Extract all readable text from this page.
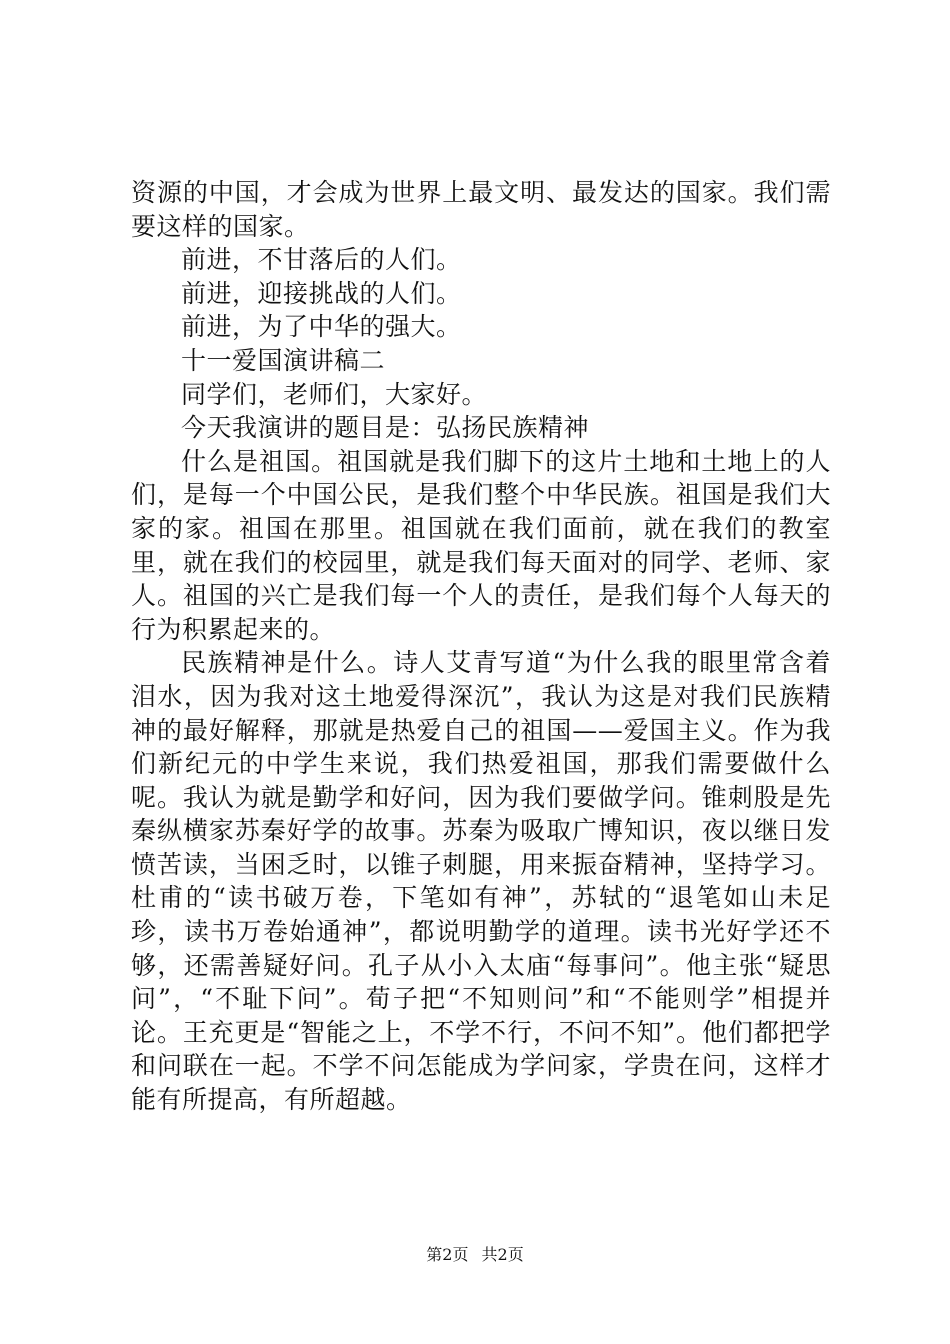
资源的中国，才会成为世界上最文明、最发达的国家。我们需要这样的国家。

前进，不甘落后的人们。

前进，迎接挑战的人们。

前进，为了中华的强大。

十一爱国演讲稿二

同学们，老师们，大家好。

今天我演讲的题目是：弘扬民族精神

什么是祖国。祖国就是我们脚下的这片土地和土地上的人们，是每一个中国公民，是我们整个中华民族。祖国是我们大家的家。祖国在那里。祖国就在我们面前，就在我们的教室里，就在我们的校园里，就是我们每天面对的同学、老师、家人。祖国的兴亡是我们每一个人的责任，是我们每个人每天的行为积累起来的。

民族精神是什么。诗人艾青写道“为什么我的眼里常含着泪水，因为我对这土地爱得深沉”，我认为这是对我们民族精神的最好解释，那就是热爱自己的祖国——爱国主义。作为我们新纪元的中学生来说，我们热爱祖国，那我们需要做什么呢。我认为就是勤学和好问，因为我们要做学问。锥刺股是先秦纵横家苏秦好学的故事。苏秦为吸取广博知识，夜以继日发愤苦读，当困乏时，以锥子刺腿，用来振奋精神，坚持学习。杜甫的“读书破万卷，下笔如有神”，苏轼的“退笔如山未足珍，读书万卷始通神”，都说明勤学的道理。读书光好学还不够，还需善疑好问。孔子从小入太庙“每事问”。他主张“疑思问”，“不耻下问”。荀子把“不知则问”和“不能则学”相提并论。王充更是“智能之上，不学不行，不问不知”。他们都把学和问联在一起。不学不问怎能成为学问家，学贵在问，这样才能有所提高，有所超越。

第2页 共2页
